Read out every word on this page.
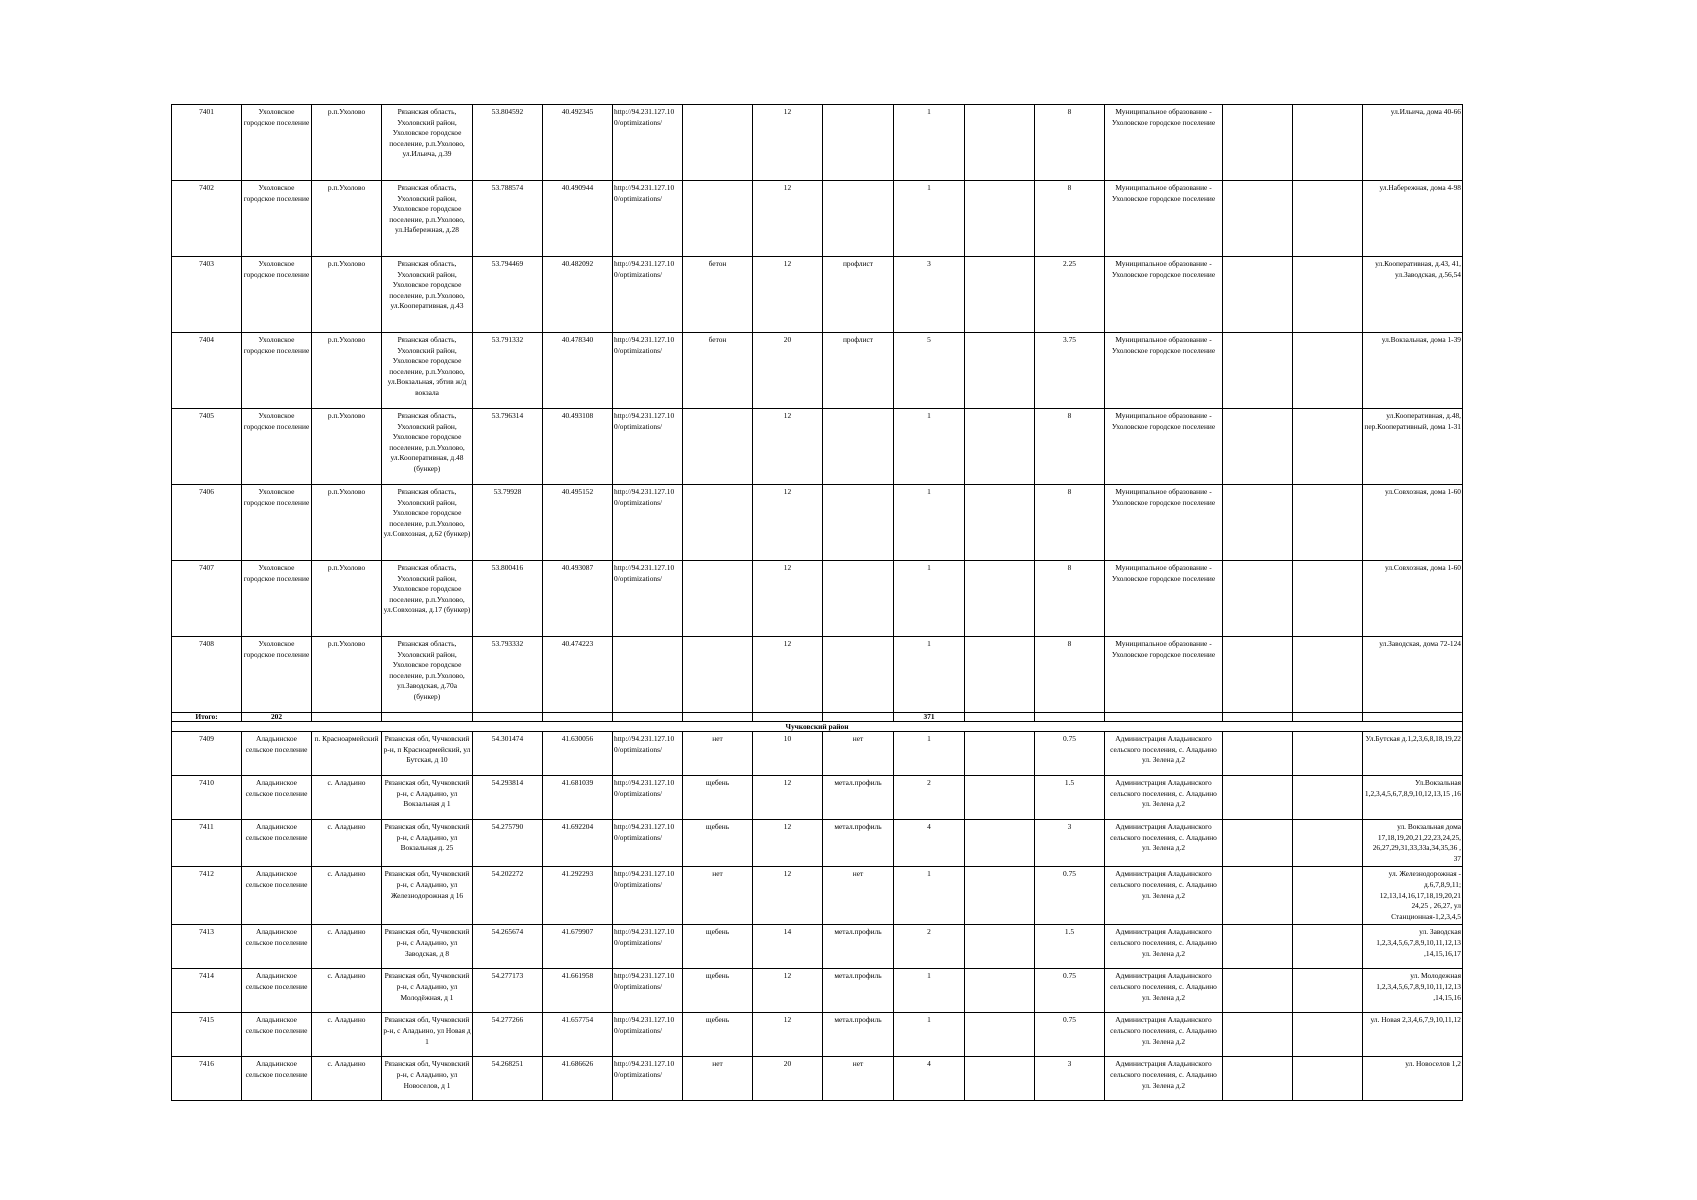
7401	Ухоловское городское поселение	р.п.Ухолово	Рязанская область, Ухоловский район, Ухоловское городское поселение, р.п.Ухолово, ул.Ильича, д.39	53.804592	40.492345	http://94.231.127.10 0/optimizations/		12		1		8	Муниципальное образование - Ухоловское городское поселение			ул.Ильича, дома 40-66
7402	Ухоловское городское поселение	р.п.Ухолово	Рязанская область, Ухоловский район, Ухоловское городское поселение, р.п.Ухолово, ул.Набережная, д.28	53.788574	40.490944	http://94.231.127.10 0/optimizations/		12		1		8	Муниципальное образование - Ухоловское городское поселение			ул.Набережная, дома 4-98
7403	Ухоловское городское поселение	р.п.Ухолово	Рязанская область, Ухоловский район, Ухоловское городское поселение, р.п.Ухолово, ул.Кооперативная, д.43	53.794469	40.482092	http://94.231.127.10 0/optimizations/	бетон	12	профлист	3		2.25	Муниципальное образование - Ухоловское городское поселение			ул.Кооперативная, д.43, 41, ул.Заводская, д.56,54
7404	Ухоловское городское поселение	р.п.Ухолово	Рязанская область, Ухоловский район, Ухоловское городское поселение, р.п.Ухолово, ул.Вокзальная, збтив ж/д вокзала	53.791332	40.478340	http://94.231.127.10 0/optimizations/	бетон	20	профлист	5		3.75	Муниципальное образование - Ухоловское городское поселение			ул.Вокзальная, дома 1-39
7405	Ухоловское городское поселение	р.п.Ухолово	Рязанская область, Ухоловский район, Ухоловское городское поселение, р.п.Ухолово, ул.Кооперативная, д.48 (бункер)	53.796314	40.493108	http://94.231.127.10 0/optimizations/		12		1		8	Муниципальное образование - Ухоловское городское поселение			ул.Кооперативная, д.48, пер.Кооперативный, дома 1-31
7406	Ухоловское городское поселение	р.п.Ухолово	Рязанская область, Ухоловский район, Ухоловское городское поселение, р.п.Ухолово, ул.Совхозная, д.62 (бункер)	53.79928	40.495152	http://94.231.127.10 0/optimizations/		12		1		8	Муниципальное образование - Ухоловское городское поселение			ул.Совхозная, дома 1-60
7407	Ухоловское городское поселение	р.п.Ухолово	Рязанская область, Ухоловский район, Ухоловское городское поселение, р.п.Ухолово, ул.Совхозная, д.17 (бункер)	53.800416	40.493087	http://94.231.127.10 0/optimizations/		12		1		8	Муниципальное образование - Ухоловское городское поселение			ул.Совхозная, дома 1-60
7408	Ухоловское городское поселение	р.п.Ухолово	Рязанская область, Ухоловский район, Ухоловское городское поселение, р.п.Ухолово, ул.Заводская, д.70а (бункер)	53.793332	40.474223			12		1		8	Муниципальное образование - Ухоловское городское поселение			ул.Заводская, дома 72-124
Итого:	202									371						
Чучковский район																
7409	Аладьинское сельское поселение	п. Красноармейский	Рязанская обл, Чучковский р-н, п Красноармейский, ул Бутская, д 10	54.301474	41.630056	http://94.231.127.10 0/optimizations/	нет	10	нет	1		0.75	Администрация Аладьинского сельского поселения, с. Аладьино ул. Зелена д.2			Ул.Бутская д.1,2,3,6,8,18,19,22
7410	Аладьинское сельское поселение	с. Аладьино	Рязанская обл, Чучковский р-н, с Аладьино, ул Вокзальная д 1	54.293814	41.681039	http://94.231.127.10 0/optimizations/	щебень	12	метал.профиль	2		1.5	Администрация Аладьинского сельского поселения, с. Аладьино ул. Зелена д.2			Ул.Вокзальная 1,2,3,4,5,6,7,8,9,10,12,13,15 ,16
7411	Аладьинское сельское поселение	с. Аладьино	Рязанская обл, Чучковский р-н, с Аладьино, ул Вокзальная д. 25	54.275790	41.692204	http://94.231.127.10 0/optimizations/	щебень	12	метал.профиль	4		3	Администрация Аладьинского сельского поселения, с. Аладьино ул. Зелена д.2			ул. Вокзальная дома 17,18,19,20,21,22,23,24,25, 26,27,29,31,33,33а,34,35,36 , 37
7412	Аладьинское сельское поселение	с. Аладьино	Рязанская обл, Чучковский р-н, с Аладьино, ул Железнодорожная д 16	54.202272	41.292293	http://94.231.127.10 0/optimizations/	нет	12	нет	1		0.75	Администрация Аладьинского сельского поселения, с. Аладьино ул. Зелена д.2			ул. Железнодорожная - д.6,7,8,9,11; 12,13,14,16,17,18,19,20,21 24,25 , 26,27, ул Станционная-1,2,3,4,5
7413	Аладьинское сельское поселение	с. Аладьино	Рязанская обл, Чучковский р-н, с Аладьино, ул Заводская, д 8	54.265674	41.679907	http://94.231.127.10 0/optimizations/	щебень	14	метал.профиль	2		1.5	Администрация Аладьинского сельского поселения, с. Аладьино ул. Зелена д.2			ул. Заводская 1,2,3,4,5,6,7,8,9,10,11,12,13 ,14,15,16,17
7414	Аладьинское сельское поселение	с. Аладьино	Рязанская обл, Чучковский р-н, с Аладьино, ул Молодёжная, д 1	54.277173	41.661958	http://94.231.127.10 0/optimizations/	щебень	12	метал.профиль	1		0.75	Администрация Аладьинского сельского поселения, с. Аладьино ул. Зелена д.2			ул. Молодежная 1,2,3,4,5,6,7,8,9,10,11,12,13 ,14,15,16
7415	Аладьинское сельское поселение	с. Аладьино	Рязанская обл, Чучковский р-н, с Аладьино, ул Новая д 1	54.277266	41.657754	http://94.231.127.10 0/optimizations/	щебень	12	метал.профиль	1		0.75	Администрация Аладьинского сельского поселения, с. Аладьино ул. Зелена д.2			ул. Новая 2,3,4,6,7,9,10,11,12
7416	Аладьинское сельское поселение	с. Аладьино	Рязанская обл, Чучковский р-н, с Аладьино, ул Новоселов, д 1	54.268251	41.686626	http://94.231.127.10 0/optimizations/	нет	20	нет	4		3	Администрация Аладьинского сельского поселения, с. Аладьино ул. Зелена д.2			ул. Новоселов 1,2
